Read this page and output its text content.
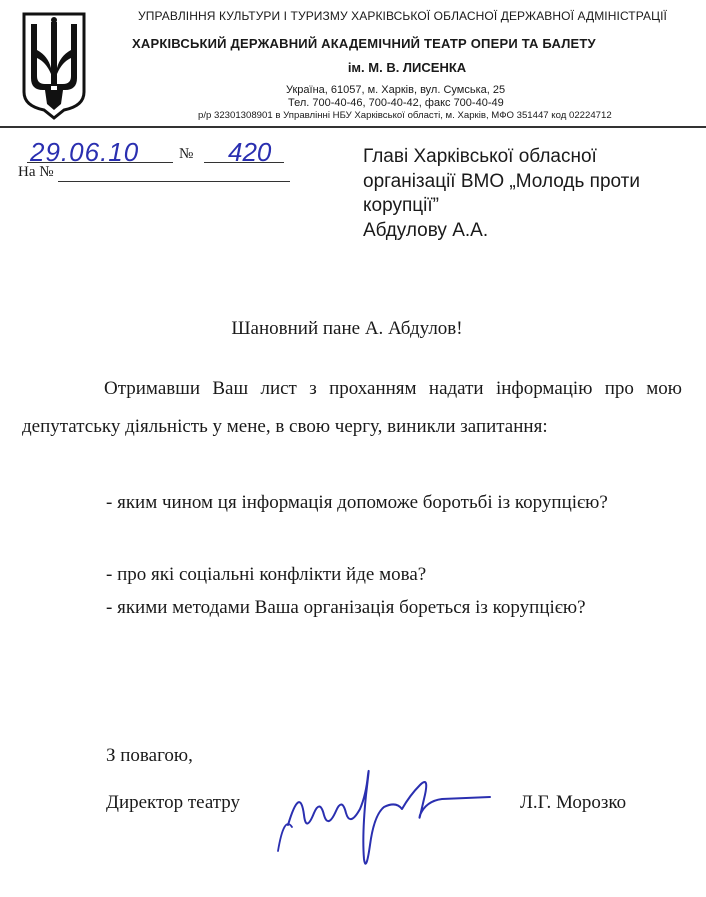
УПРАВЛІННЯ КУЛЬТУРИ І ТУРИЗМУ ХАРКІВСЬКОЇ ОБЛАСНОЇ ДЕРЖАВНОЇ АДМІНІСТРАЦІЇ
ХАРКІВСЬКИЙ ДЕРЖАВНИЙ АКАДЕМІЧНИЙ ТЕАТР ОПЕРИ ТА БАЛЕТУ
ім. М. В. ЛИСЕНКА
Україна, 61057, м. Харків, вул. Сумська, 25
Тел. 700-40-46, 700-40-42, факс 700-40-49
р/р 32301308901 в Управлінні НБУ Харківської області, м. Харків, МФО 351447 код 02224712
29.06.10	№ 420
На №
Главі Харківської обласної
організації ВМО „Молодь проти
корупції”
Абдулову А.А.
Шановний пане А. Абдулов!
Отримавши Ваш лист з проханням надати інформацію про мою депутатську діяльність у мене, в свою чергу, виникли запитання:
- яким чином ця інформація допоможе боротьбі із корупцією?
- про які соціальні конфлікти йде мова?
- якими методами Ваша організація бореться із корупцією?
З повагою,
Директор театру	Л.Г. Морозко
